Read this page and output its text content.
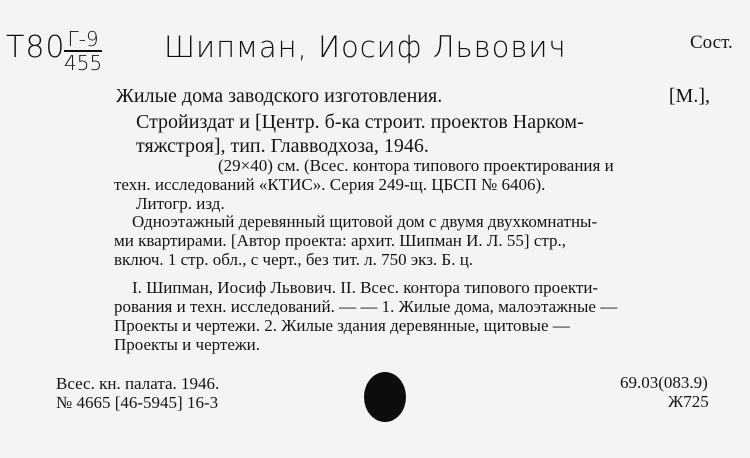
Т80 Г-9
455 Шипман, Иосиф Львович	Сост.
Жилые дома заводского изготовления.	[М.],
Стройиздат и [Центр. б-ка строит. проектов Нарком-
тяжстроя], тип. Главводхоза, 1946.
(29×40) см. (Всес. контора типового проектирования и
техн. исследований «КТИС». Серия 249-щ. ЦБСП № 6406).
Литогр. изд.
Одноэтажный деревянный щитовой дом с двумя двухкомнатны-
ми квартирами. [Автор проекта: архит. Шипман И. Л. 55] стр.,
включ. 1 стр. обл., с черт., без тит. л. 750 экз. Б. ц.
I. Шипман, Иосиф Львович. II. Всес. контора типового проекти-
рования и техн. исследований. — — 1. Жилые дома, малоэтажные —
Проекты и чертежи. 2. Жилые здания деревянные, щитовые —
Проекты и чертежи.
Всес. кн. палата. 1946.
№ 4665 [46-5945] 16-3
69.03(083.9)
Ж725
